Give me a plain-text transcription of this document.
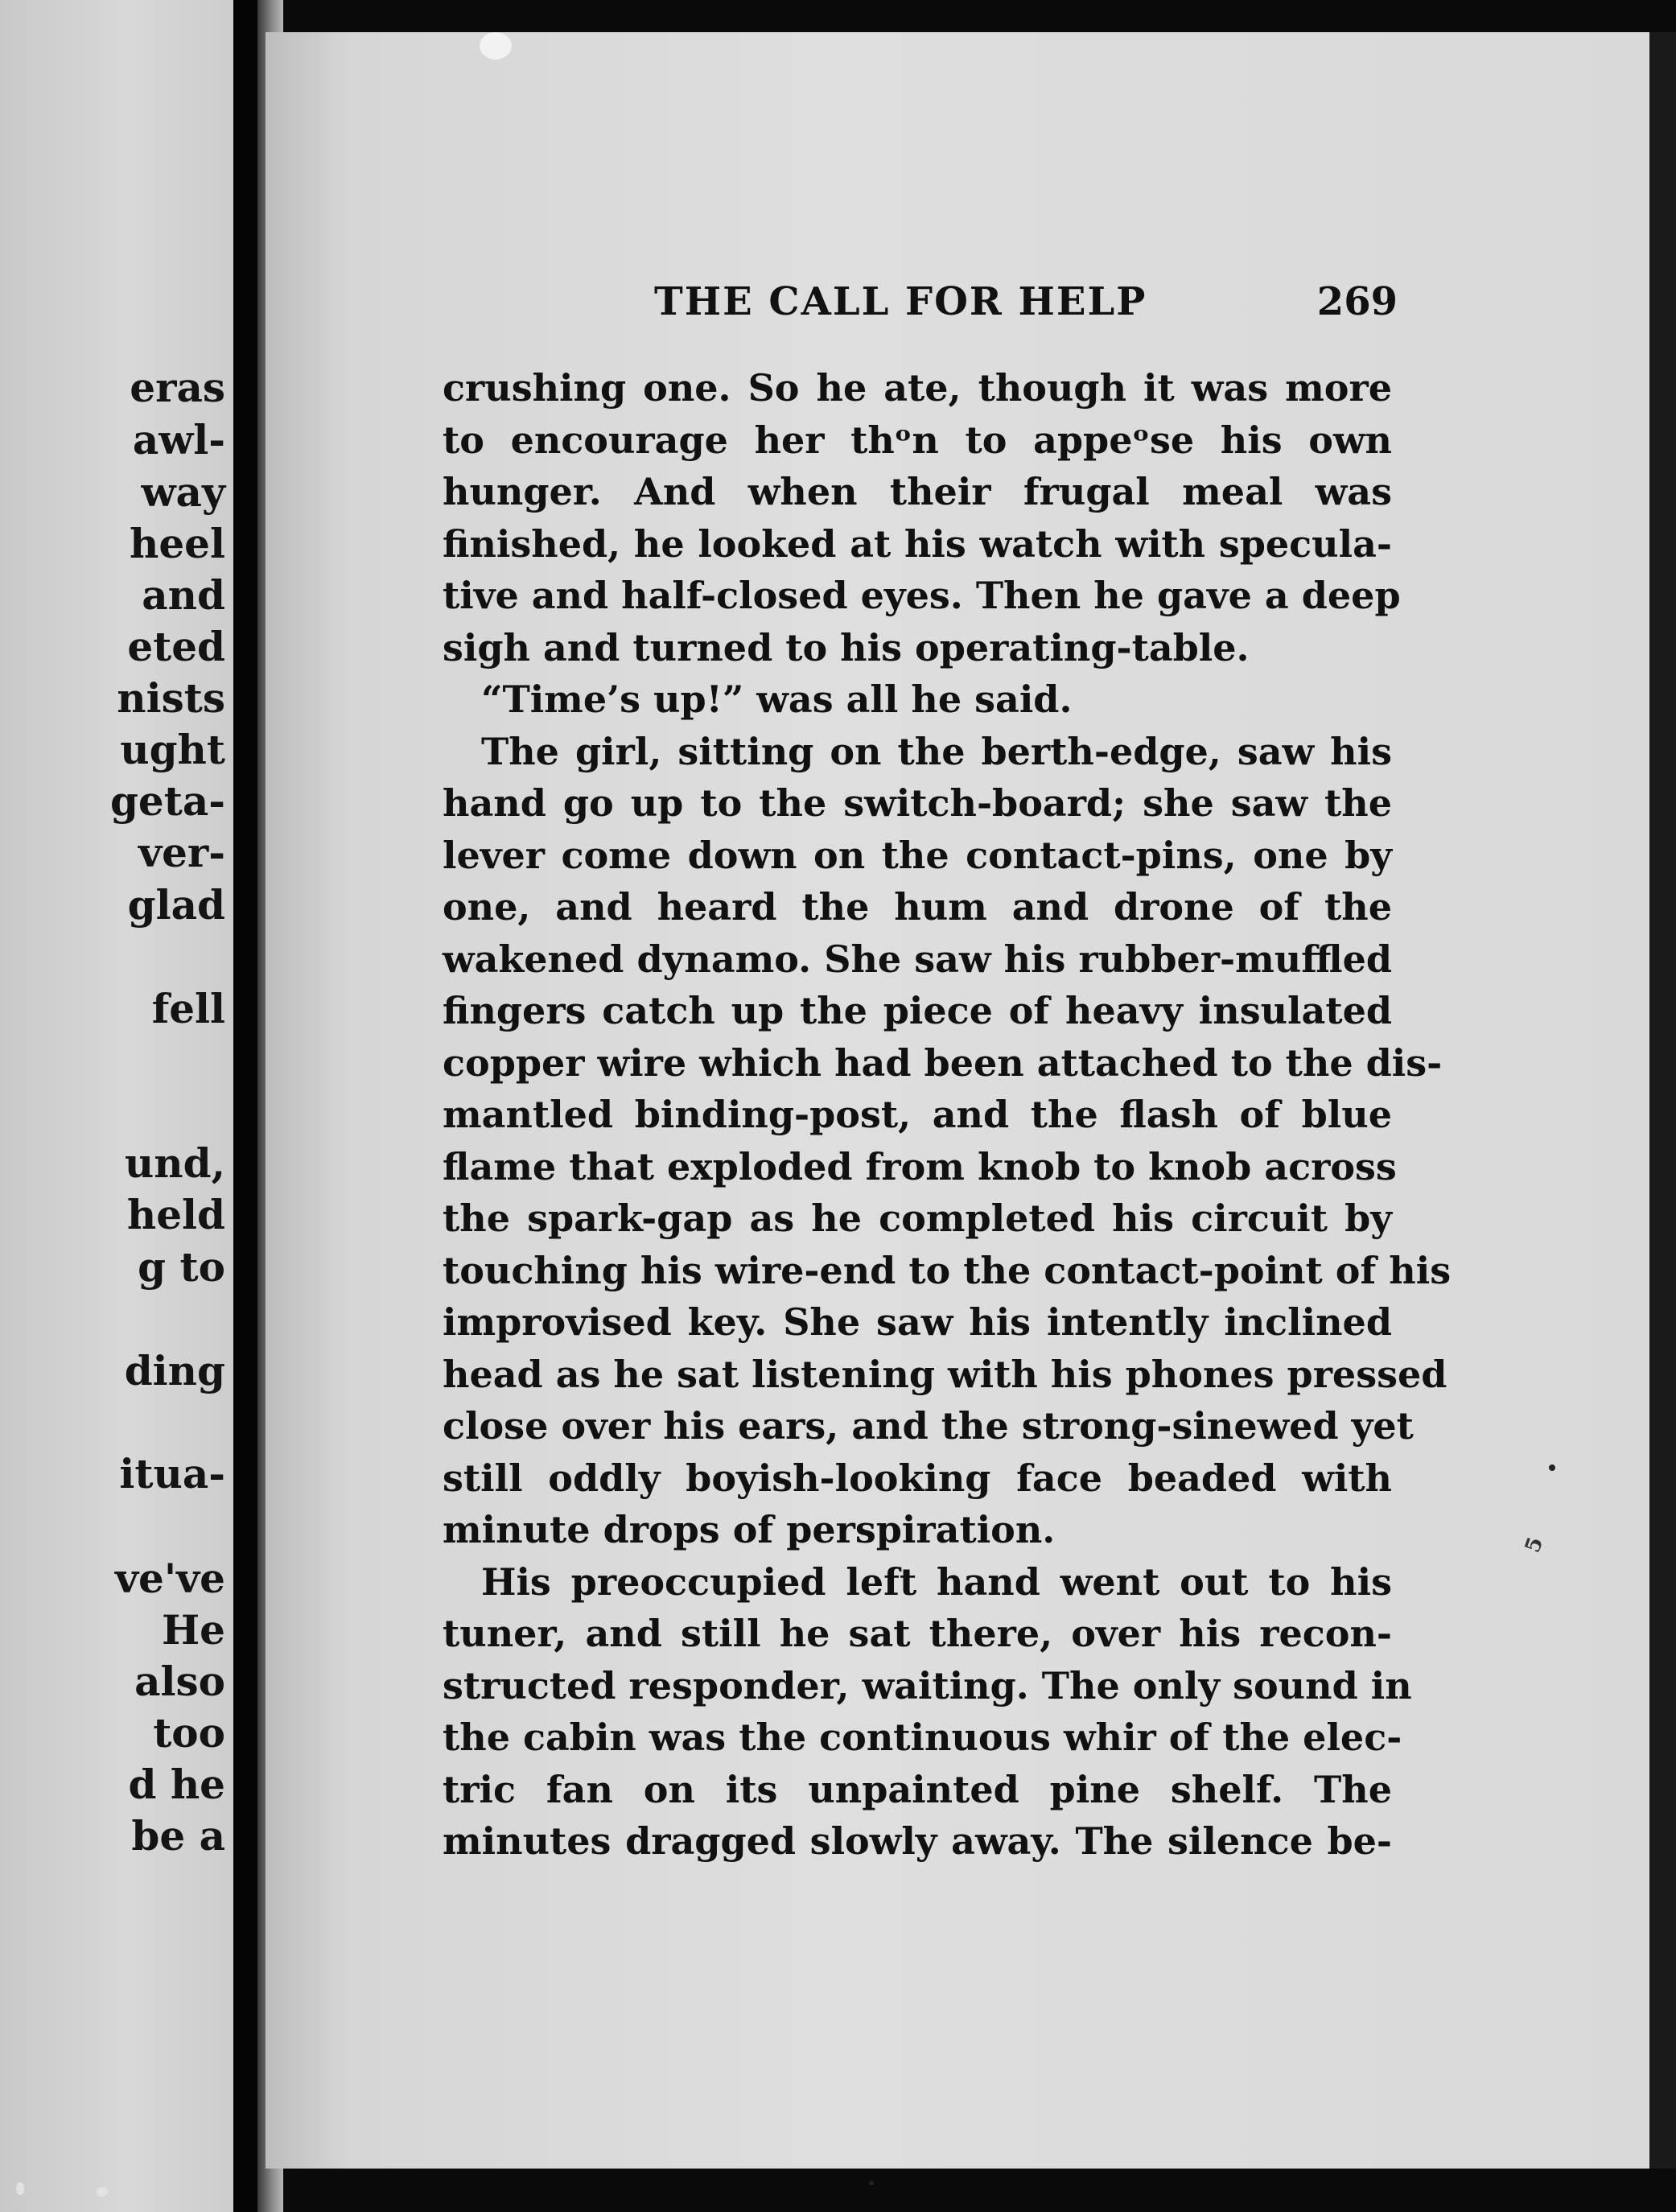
eras
awl-
way
heel
and
eted
nists
ught
geta-
ver-
glad
fell
und,
held
g to
ding
itua-
ve've
He
also
too
d he
be a
THE CALL FOR HELP	269
crushing one. So he ate, though it was more
to encourage her thᵒn to appeᵒse his own
hunger. And when their frugal meal was
finished, he looked at his watch with specula-
tive and half-closed eyes. Then he gave a deep
sigh and turned to his operating-table.
“Time’s up!” was all he said.
The girl, sitting on the berth-edge, saw his
hand go up to the switch-board; she saw the
lever come down on the contact-pins, one by
one, and heard the hum and drone of the
wakened dynamo. She saw his rubber-muffled
fingers catch up the piece of heavy insulated
copper wire which had been attached to the dis-
mantled binding-post, and the flash of blue
flame that exploded from knob to knob across
the spark-gap as he completed his circuit by
touching his wire-end to the contact-point of his
improvised key. She saw his intently inclined
head as he sat listening with his phones pressed
close over his ears, and the strong-sinewed yet
still oddly boyish-looking face beaded with
minute drops of perspiration.
His preoccupied left hand went out to his
tuner, and still he sat there, over his recon-
structed responder, waiting. The only sound in
the cabin was the continuous whir of the elec-
tric fan on its unpainted pine shelf. The
minutes dragged slowly away. The silence be-
5
